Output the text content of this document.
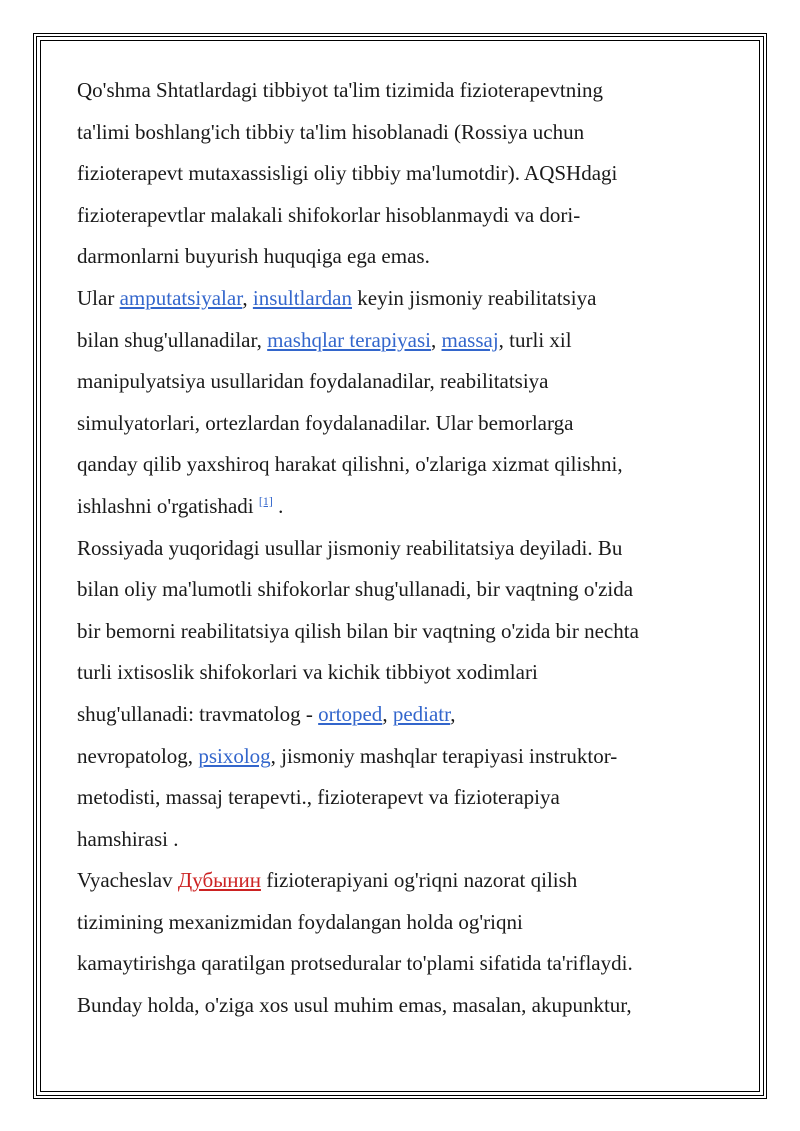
Qo'shma Shtatlardagi tibbiyot ta'lim tizimida fizioterapevtning
ta'limi boshlang'ich tibbiy ta'lim hisoblanadi (Rossiya uchun
fizioterapevt mutaxassisligi oliy tibbiy ma'lumotdir). AQSHdagi
fizioterapevtlar malakali shifokorlar hisoblanmaydi va dori-
darmonlarni buyurish huquqiga ega emas.

Ular amputatsiyalar, insultlardan keyin jismoniy reabilitatsiya
bilan shug'ullanadilar, mashqlar terapiyasi, massaj, turli xil
manipulyatsiya usullaridan foydalanadilar, reabilitatsiya
simulyatorlari, ortezlardan foydalanadilar. Ular bemorlarga
qanday qilib yaxshiroq harakat qilishni, o'zlariga xizmat qilishni,
ishlashni o'rgatishadi [1] .

Rossiyada yuqoridagi usullar jismoniy reabilitatsiya deyiladi. Bu
bilan oliy ma'lumotli shifokorlar shug'ullanadi, bir vaqtning o'zida
bir bemorni reabilitatsiya qilish bilan bir vaqtning o'zida bir nechta
turli ixtisoslik shifokorlari va kichik tibbiyot xodimlari
shug'ullanadi: travmatolog - ortoped, pediatr,
nevropatolog, psixolog, jismoniy mashqlar terapiyasi instruktor-
metodisti, massaj terapevti., fizioterapevt va fizioterapiya
hamshirasi .

Vyacheslav Дубынин fizioterapiyani og'riqni nazorat qilish
tizimining mexanizmidan foydalangan holda og'riqni
kamaytirishga qaratilgan protseduralar to'plami sifatida ta'riflaydi.
Bunday holda, o'ziga xos usul muhim emas, masalan, akupunktur,
